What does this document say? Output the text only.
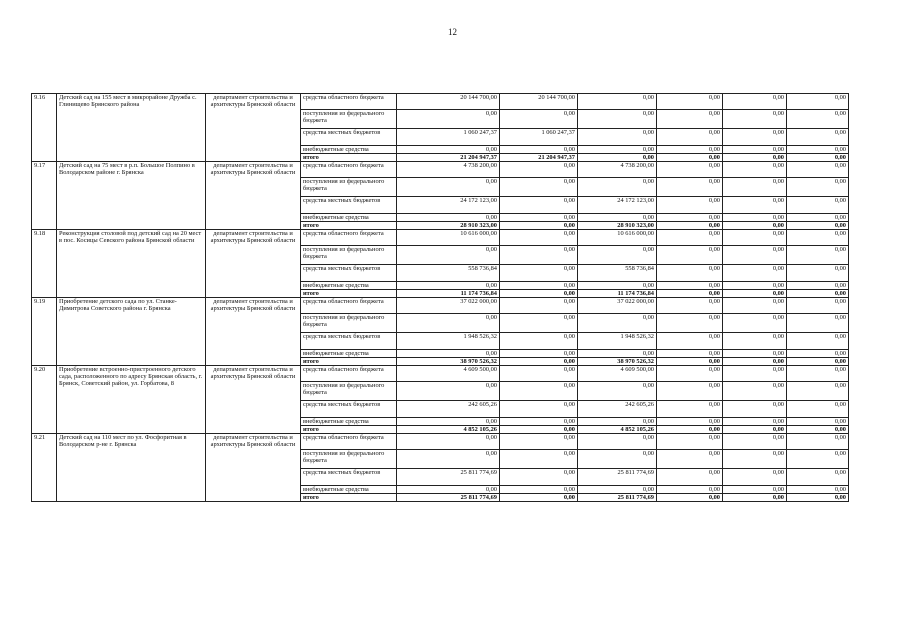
12
9.16	Детский сад на 155 мест в микрорайоне Дружба с. Глинищево Брянского района	департамент строительства и архитектуры Брянской области	средства областного бюджета	20 144 700,00	20 144 700,00	0,00	0,00	0,00	0,00
			поступления из федерального бюджета	0,00	0,00	0,00	0,00	0,00	0,00
			средства местных бюджетов	1 060 247,37	1 060 247,37	0,00	0,00	0,00	0,00
			внебюджетные средства	0,00	0,00	0,00	0,00	0,00	0,00
			итого	21 204 947,37	21 204 947,37	0,00	0,00	0,00	0,00
9.17	Детский сад на 75 мест в р.п. Большое Полпино в Володарском районе г. Брянска	департамент строительства и архитектуры Брянской области	средства областного бюджета	4 738 200,00	0,00	4 738 200,00	0,00	0,00	0,00
			поступления из федерального бюджета	0,00	0,00	0,00	0,00	0,00	0,00
			средства местных бюджетов	24 172 123,00	0,00	24 172 123,00	0,00	0,00	0,00
			внебюджетные средства	0,00	0,00	0,00	0,00	0,00	0,00
			итого	28 910 323,00	0,00	28 910 323,00	0,00	0,00	0,00
9.18	Реконструкция столовой под детский сад на 20 мест в пос. Косицы Севского района Брянской области	департамент строительства и архитектуры Брянской области	средства областного бюджета	10 616 000,00	0,00	10 616 000,00	0,00	0,00	0,00
			поступления из федерального бюджета	0,00	0,00	0,00	0,00	0,00	0,00
			средства местных бюджетов	558 736,84	0,00	558 736,84	0,00	0,00	0,00
			внебюджетные средства	0,00	0,00	0,00	0,00	0,00	0,00
			итого	11 174 736,84	0,00	11 174 736,84	0,00	0,00	0,00
9.19	Приобретение детского сада по ул. Станке-Димитрова Советского района г. Брянска	департамент строительства и архитектуры Брянской области	средства областного бюджета	37 022 000,00	0,00	37 022 000,00	0,00	0,00	0,00
			поступления из федерального бюджета	0,00	0,00	0,00	0,00	0,00	0,00
			средства местных бюджетов	1 948 526,32	0,00	1 948 526,32	0,00	0,00	0,00
			внебюджетные средства	0,00	0,00	0,00	0,00	0,00	0,00
			итого	38 970 526,32	0,00	38 970 526,32	0,00	0,00	0,00
9.20	Приобретение встроенно-пристроенного детского сада, расположенного по адресу Брянская область, г. Брянск, Советский район, ул. Горбатова, 8	департамент строительства и архитектуры Брянской области	средства областного бюджета	4 609 500,00	0,00	4 609 500,00	0,00	0,00	0,00
			поступления из федерального бюджета	0,00	0,00	0,00	0,00	0,00	0,00
			средства местных бюджетов	242 605,26	0,00	242 605,26	0,00	0,00	0,00
			внебюджетные средства	0,00	0,00	0,00	0,00	0,00	0,00
			итого	4 852 105,26	0,00	4 852 105,26	0,00	0,00	0,00
9.21	Детский сад на 110 мест по ул. Фосфоритная в Володарском р-не г. Брянска	департамент строительства и архитектуры Брянской области	средства областного бюджета	0,00	0,00	0,00	0,00	0,00	0,00
			поступления из федерального бюджета	0,00	0,00	0,00	0,00	0,00	0,00
			средства местных бюджетов	25 811 774,69	0,00	25 811 774,69	0,00	0,00	0,00
			внебюджетные средства	0,00	0,00	0,00	0,00	0,00	0,00
			итого	25 811 774,69	0,00	25 811 774,69	0,00	0,00	0,00
